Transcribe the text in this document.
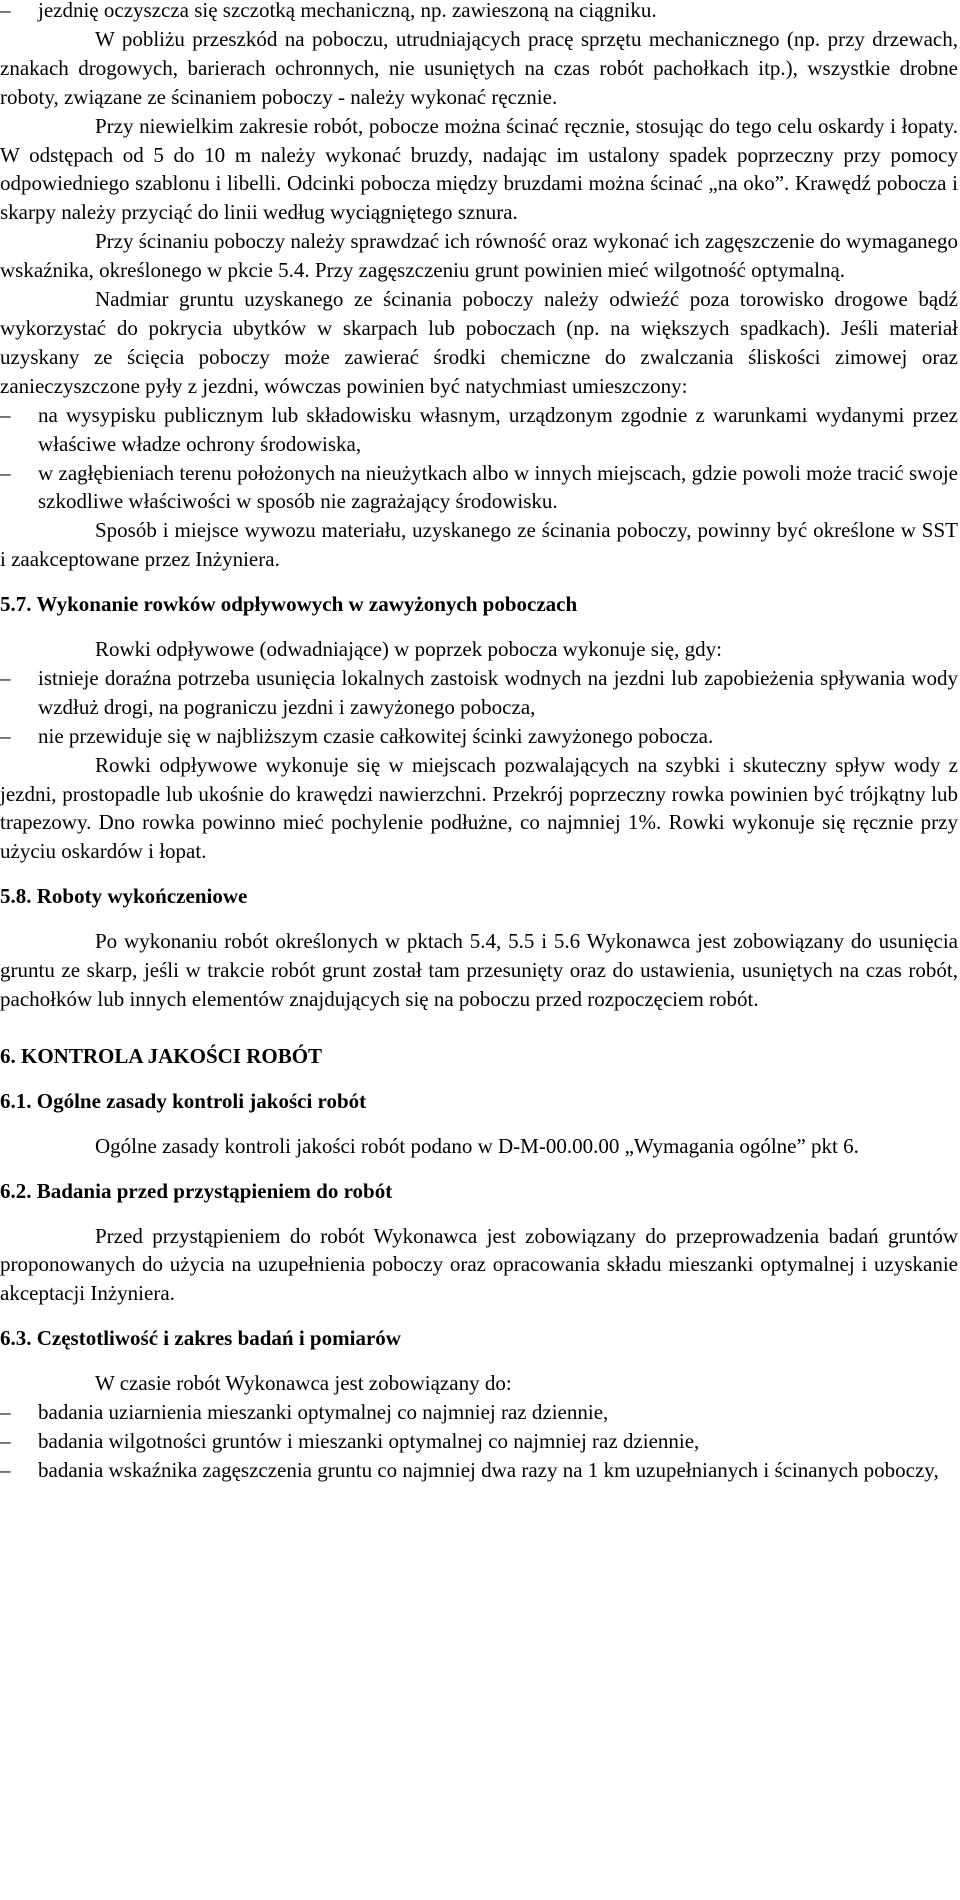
– jezdnię oczyszcza się szczotką mechaniczną, np. zawieszoną na ciągniku.

W pobliżu przeszkód na poboczu, utrudniających pracę sprzętu mechanicznego (np. przy drzewach, znakach drogowych, barierach ochronnych, nie usuniętych na czas robót pachołkach itp.), wszystkie drobne roboty, związane ze ścinaniem poboczy - należy wykonać ręcznie.

Przy niewielkim zakresie robót, pobocze można ścinać ręcznie, stosując do tego celu oskardy i łopaty. W odstępach od 5 do 10 m należy wykonać bruzdy, nadając im ustalony spadek poprzeczny przy pomocy odpowiedniego szablonu i libelli. Odcinki pobocza między bruzdami można ścinać „na oko”. Krawędź pobocza i skarpy należy przyciąć do linii według wyciągniętego sznura.

Przy ścinaniu poboczy należy sprawdzać ich równość oraz wykonać ich zagęszczenie do wymaganego wskaźnika, określonego w pkcie 5.4. Przy zagęszczeniu grunt powinien mieć wilgotność optymalną.

Nadmiar gruntu uzyskanego ze ścinania poboczy należy odwieźć poza torowisko drogowe bądź wykorzystać do pokrycia ubytków w skarpach lub poboczach (np. na większych spadkach). Jeśli materiał uzyskany ze ścięcia poboczy może zawierać środki chemiczne do zwalczania śliskości zimowej oraz zanieczyszczone pyły z jezdni, wówczas powinien być natychmiast umieszczony:

– na wysypisku publicznym lub składowisku własnym, urządzonym zgodnie z warunkami wydanymi przez właściwe władze ochrony środowiska,

– w zagłębieniach terenu położonych na nieużytkach albo w innych miejscach, gdzie powoli może tracić swoje szkodliwe właściwości w sposób nie zagrażający środowisku.

Sposób i miejsce wywozu materiału, uzyskanego ze ścinania poboczy, powinny być określone w SST i zaakceptowane przez Inżyniera.

5.7. Wykonanie rowków odpływowych w zawyżonych poboczach

Rowki odpływowe (odwadniające) w poprzek pobocza wykonuje się, gdy:

– istnieje doraźna potrzeba usunięcia lokalnych zastoisk wodnych na jezdni lub zapobieżenia spływania wody wzdłuż drogi, na pograniczu jezdni i zawyżonego pobocza,

– nie przewiduje się w najbliższym czasie całkowitej ścinki zawyżonego pobocza.

Rowki odpływowe wykonuje się w miejscach pozwalających na szybki i skuteczny spływ wody z jezdni, prostopadle lub ukośnie do krawędzi nawierzchni. Przekrój poprzeczny rowka powinien być trójkątny lub trapezowy. Dno rowka powinno mieć pochylenie podłużne, co najmniej 1%. Rowki wykonuje się ręcznie przy użyciu oskardów i łopat.

5.8. Roboty wykończeniowe

Po wykonaniu robót określonych w pktach 5.4, 5.5 i 5.6 Wykonawca jest zobowiązany do usunięcia gruntu ze skarp, jeśli w trakcie robót grunt został tam przesunięty oraz do ustawienia, usuniętych na czas robót, pachołków lub innych elementów znajdujących się na poboczu przed rozpoczęciem robót.

6. KONTROLA JAKOŚCI ROBÓT
6.1. Ogólne zasady kontroli jakości robót

Ogólne zasady kontroli jakości robót podano w D-M-00.00.00 „Wymagania ogólne” pkt 6.

6.2. Badania przed przystąpieniem do robót

Przed przystąpieniem do robót Wykonawca jest zobowiązany do przeprowadzenia badań gruntów proponowanych do użycia na uzupełnienia poboczy oraz opracowania składu mieszanki optymalnej i uzyskanie akceptacji Inżyniera.

6.3. Częstotliwość i zakres badań i pomiarów

W czasie robót Wykonawca jest zobowiązany do:

– badania uziarnienia mieszanki optymalnej co najmniej raz dziennie,

– badania wilgotności gruntów i mieszanki optymalnej co najmniej raz dziennie,

– badania wskaźnika zagęszczenia gruntu co najmniej dwa razy na 1 km uzupełnianych i ścinanych poboczy,
